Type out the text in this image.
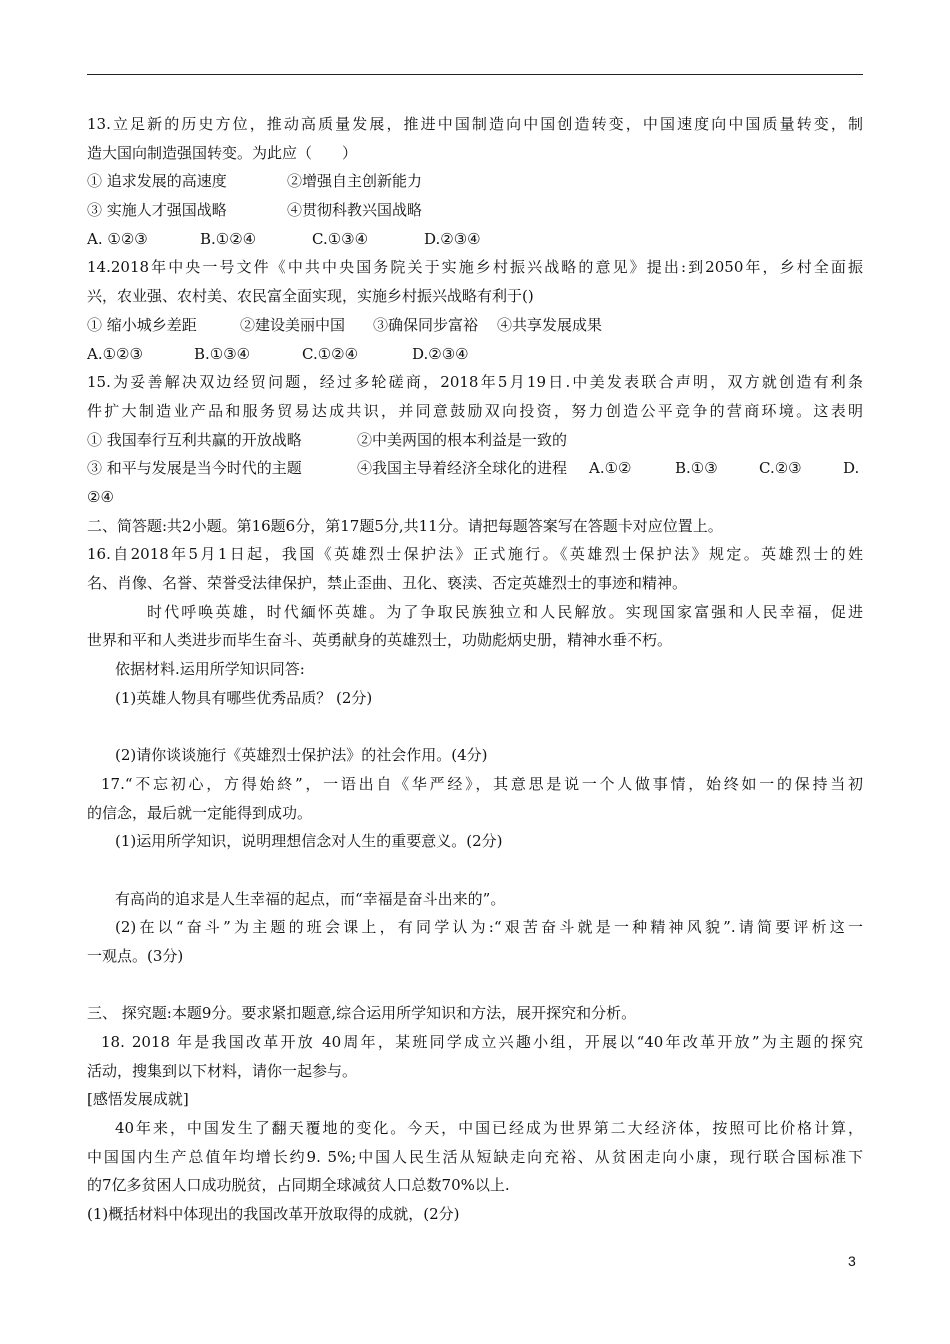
13.立足新的历史方位，推动高质量发展，推进中国制造向中国创造转变，中国速度向中国质量转变，制
造大国向制造强国转变。为此应（　　）
① 追求发展的高速度	②增强自主创新能力
③ 实施人才强国战略	④贯彻科教兴国战略
A. ①②③	B.①②④	C.①③④	D.②③④
14.2018年中央一号文件《中共中央国务院关于实施乡村振兴战略的意见》提出:到2050年，乡村全面振
兴，农业强、农村美、农民富全面实现，实施乡村振兴战略有利于()
① 缩小城乡差距	②建设美丽中国 ③确保同步富裕 ④共享发展成果
A.①②③	B.①③④	C.①②④	D.②③④
15.为妥善解决双边经贸问题，经过多轮磋商，2018年5月19日.中美发表联合声明，双方就创造有利条
件扩大制造业产品和服务贸易达成共识，并同意鼓励双向投资，努力创造公平竞争的营商环境。这表明
① 我国奉行互利共赢的开放战略	②中美两国的根本利益是一致的
③ 和平与发展是当今时代的主题	④我国主导着经济全球化的进程 A.①②	B.①③	C.②③	D.
②④
二、简答题:共2小题。第16题6分，第17题5分,共11分。请把每题答案写在答题卡对应位置上。
16.自2018年5月1日起，我国《英雄烈士保护法》正式施行。《英雄烈士保护法》规定。英雄烈士的姓
名、肖像、名誉、荣誉受法律保护，禁止歪曲、丑化、亵渎、否定英雄烈士的事迹和精神。
时代呼唤英雄，时代緬怀英雄。为了争取民族独立和人民解放。实现国家富强和人民幸福，促进
世界和平和人类进步而毕生奋斗、英勇献身的英雄烈士，功勋彪炳史册，精神水垂不朽。
依据材料.运用所学知识同答:
(1)英雄人物具有哪些优秀品质？ (2分)
(2)请你谈谈施行《英雄烈士保护法》的社会作用。(4分)
17.“不忘初心，方得始終”，一语出自《华严经》，其意思是说一个人做事情，始终如一的保持当初
的信念，最后就一定能得到成功。
(1)运用所学知识，说明理想信念对人生的重要意义。(2分)
有高尚的追求是人生幸福的起点，而“幸福是奋斗出来的”。
(2)在以“奋斗”为主题的班会课上，有同学认为:“艰苦奋斗就是一种精神风貌”.请简要评析这一
一观点。(3分)
三、 探究题:本题9分。要求紧扣题意,综合运用所学知识和方法，展开探究和分析。
18. 2018 年是我国改革开放 40周年，某班同学成立兴趣小组，开展以“40年改革开放”为主题的探究
活动，搜集到以下材料，请你一起参与。
[感悟发展成就]
40年来，中国发生了翻天覆地的变化。今天，中国已经成为世界第二大经济体，按照可比价格计算，
中国国内生产总值年均增长约9. 5%;中国人民生活从短缺走向充裕、从贫困走向小康，现行联合国标准下
的7亿多贫困人口成功脱贫，占同期全球减贫人口总数70%以上.
(1)概括材料中体现出的我国改革开放取得的成就，(2分)
3
